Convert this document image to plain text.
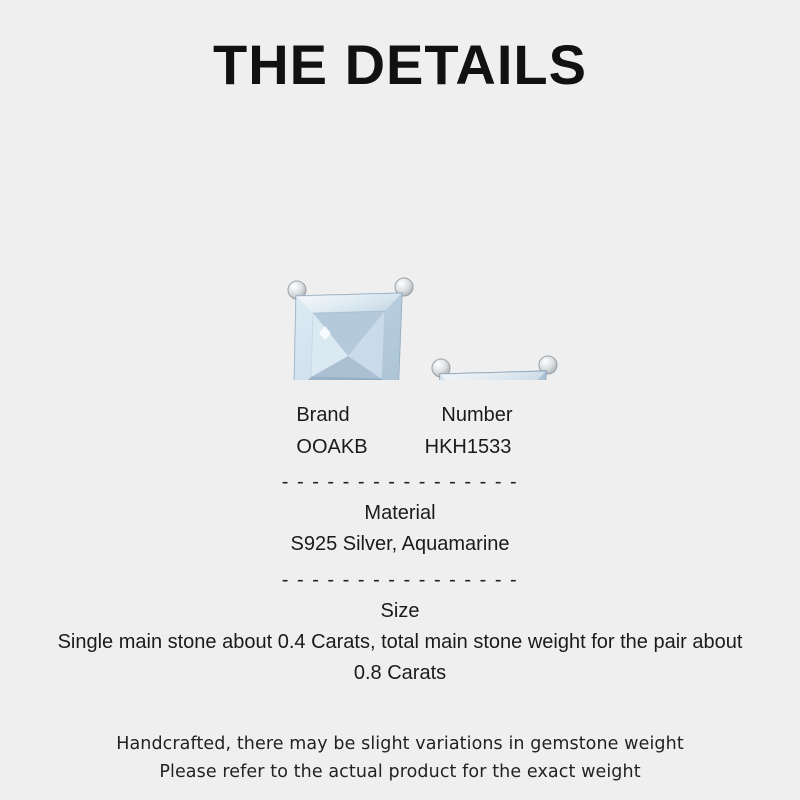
THE DETAILS
Brand	Number
OOAKB	HKH1533
- - - - - - - - - - - - - - - -
Material
S925 Silver, Aquamarine
- - - - - - - - - - - - - - - -
Size
Single main stone about 0.4 Carats, total main stone weight for the pair about 0.8 Carats
Handcrafted, there may be slight variations in gemstone weight
Please refer to the actual product for the exact weight
